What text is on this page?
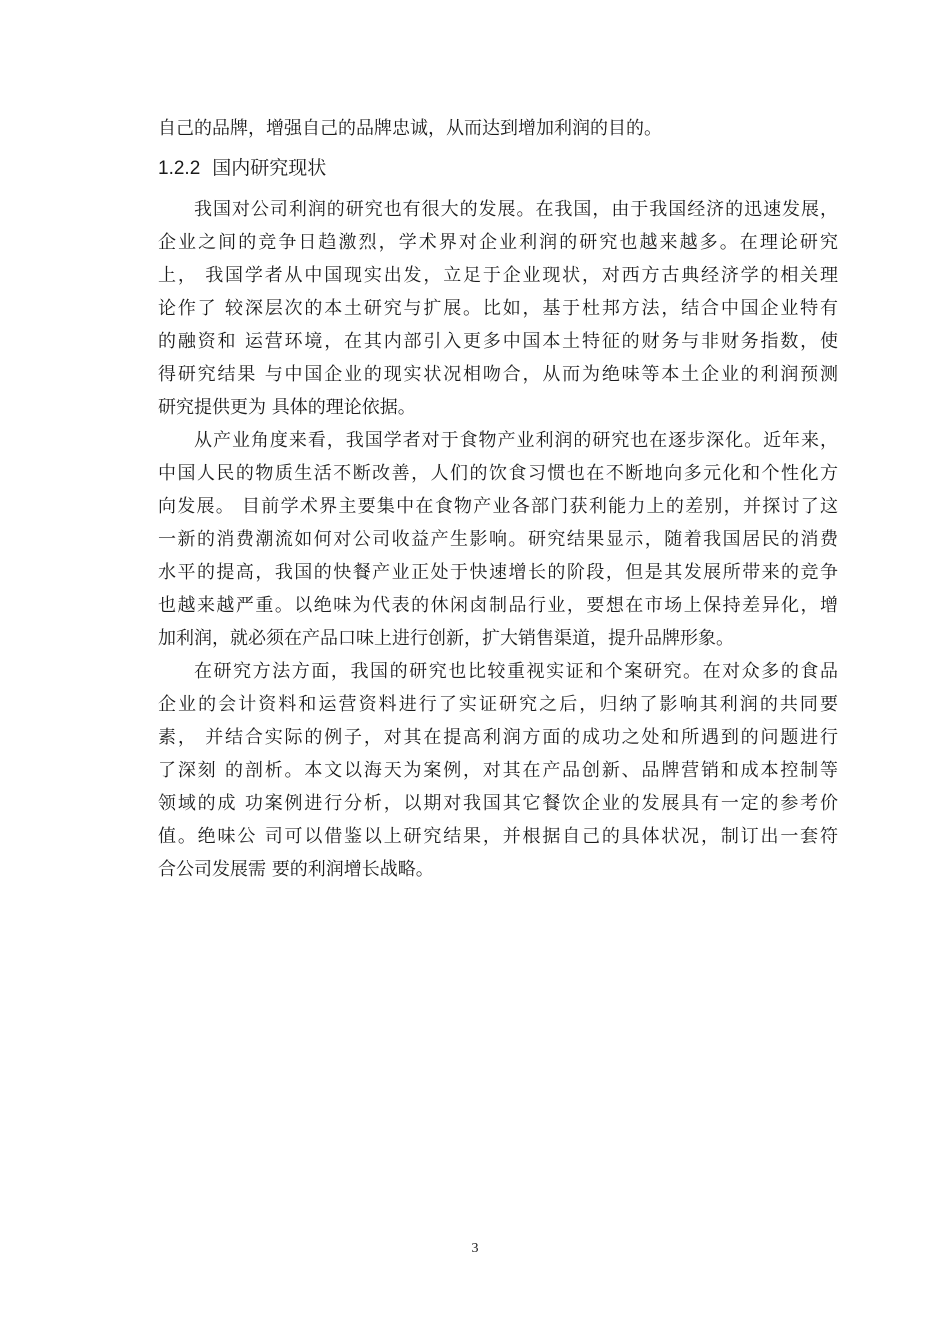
自己的品牌，增强自己的品牌忠诚，从而达到增加利润的目的。
1.2.2 国内研究现状
我国对公司利润的研究也有很大的发展。在我国，由于我国经济的迅速发展，
企业之间的竞争日趋激烈，学术界对企业利润的研究也越来越多。在理论研究
上， 我国学者从中国现实出发，立足于企业现状，对西方古典经济学的相关理
论作了 较深层次的本土研究与扩展。比如，基于杜邦方法，结合中国企业特有
的融资和 运营环境，在其内部引入更多中国本土特征的财务与非财务指数，使
得研究结果 与中国企业的现实状况相吻合，从而为绝味等本土企业的利润预测
研究提供更为 具体的理论依据。
从产业角度来看，我国学者对于食物产业利润的研究也在逐步深化。近年来，
中国人民的物质生活不断改善，人们的饮食习惯也在不断地向多元化和个性化方
向发展。 目前学术界主要集中在食物产业各部门获利能力上的差别，并探讨了这
一新的消费潮流如何对公司收益产生影响。研究结果显示，随着我国居民的消费
水平的提高，我国的快餐产业正处于快速增长的阶段，但是其发展所带来的竞争
也越来越严重。以绝味为代表的休闲卤制品行业，要想在市场上保持差异化，增
加利润，就必须在产品口味上进行创新，扩大销售渠道，提升品牌形象。
在研究方法方面，我国的研究也比较重视实证和个案研究。在对众多的食品
企业的会计资料和运营资料进行了实证研究之后，归纳了影响其利润的共同要
素， 并结合实际的例子，对其在提高利润方面的成功之处和所遇到的问题进行
了深刻 的剖析。本文以海天为案例，对其在产品创新、品牌营销和成本控制等
领域的成 功案例进行分析，以期对我国其它餐饮企业的发展具有一定的参考价
值。绝味公 司可以借鉴以上研究结果，并根据自己的具体状况，制订出一套符
合公司发展需 要的利润增长战略。
3
